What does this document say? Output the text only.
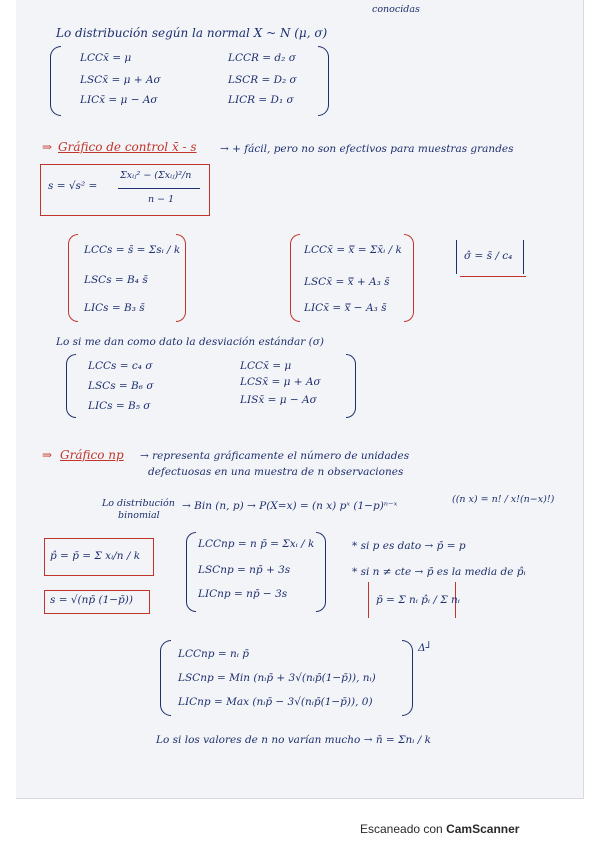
conocidas
Lo distribución según la normal X ~ N (μ, σ)
LCCx̄ = μ
LSCx̄ = μ + Aσ
LICx̄ = μ − Aσ
LCCR = d₂ σ
LSCR = D₂ σ
LICR = D₁ σ
⇒ Gráfico de control x̄ - s → + fácil, pero no son efectivos para muestras grandes
s = √s² =
Σxᵢⱼ² − (Σxᵢⱼ)²/n
n − 1
LCCs = s̄ = Σsᵢ / k
LSCs = B₄ s̄
LICs = B₃ s̄
LCCx̄ = x̿ = Σx̄ᵢ / k
LSCx̄ = x̿ + A₃ s̄
LICx̄ = x̿ − A₃ s̄
σ̂ = s̄ / c₄
Lo si me dan como dato la desviación estándar (σ)
LCCs = c₄ σ
LSCs = B₆ σ
LICs = B₅ σ
LCCx̄ = μ
LCSx̄ = μ + Aσ
LISx̄ = μ − Aσ
⇒ Gráfico np → representa gráficamente el número de unidades
defectuosas en una muestra de n observaciones
Lo distribución
binomial
→ Bin (n, p) → P(X=x) = (n x) pˣ (1−p)ⁿ⁻ˣ
((n x) = n! / x!(n−x)!)
p̂ = p̄ = Σ xᵢ/n / k
s = √(np̄ (1−p̄))
LCCnp = n p̄ = Σxᵢ / k
LSCnp = np̄ + 3s
LICnp = np̄ − 3s
* si p es dato → p̄ = p
* si n ≠ cte → p̄ es la media de p̂ᵢ
p̄ = Σ nᵢ p̂ᵢ / Σ nᵢ
LCCnp = nᵢ p̄
LSCnp = Min (nᵢp̄ + 3√(nᵢp̄(1−p̄)), nᵢ)
LICnp = Max (nᵢp̄ − 3√(nᵢp̄(1−p̄)), 0)
Δ┘
Lo si los valores de n no varían mucho → n̄ = Σnᵢ / k
Escaneado con CamScanner
